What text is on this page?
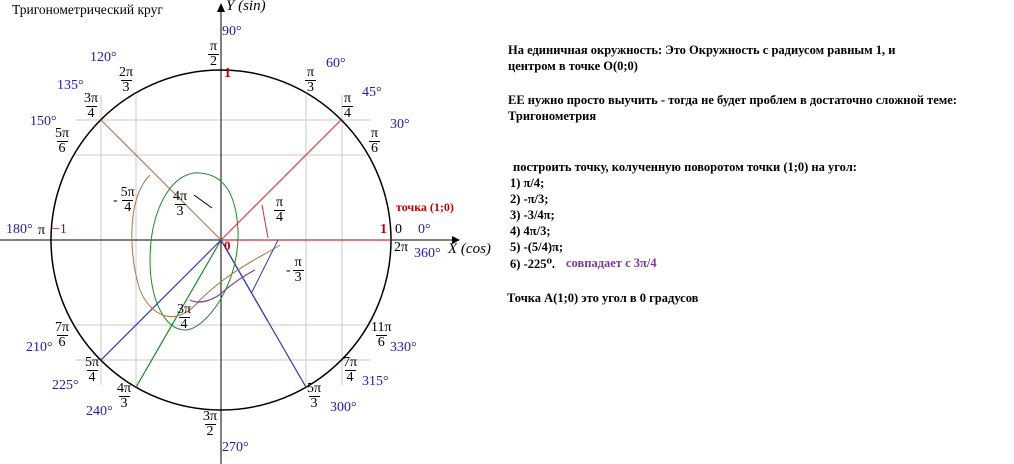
90°
$\frac{\pi}{2}$	60°
$\frac{\pi}{3}$	45°
$\frac{\pi}{4}$
30°
$\frac{\pi}{6}$
0°
360°
120°
$\frac{2\pi}{3}$
135°
$\frac{3\pi}{4}$
150°
$\frac{5\pi}{6}$
180°
$210^\circ \frac{7\pi}{6}$
225°
$\frac{5\pi}{4}$
240°
$\frac{4\pi}{3}$
270°
$\frac{3\pi}{2}$
300°
$\frac{5\pi}{3}$
315°
$\frac{7\pi}{4}$
330°
$\frac{11\pi}{6}$
- $\frac{5\pi}{4}$	$\frac{4\pi}{3}$	$\frac{\pi}{4}$
- $\frac{\pi}{3}$
$\frac{3\pi}{4}$
Тригонометрический круг	Y (sin)
X (cos)
0
1
1 0
2π
π −1
точка (1;0)
На единичная окружность: Это Окружность с радиусом равным 1, и
центром в точке O(0;0)
ЕЕ нужно просто выучить - тогда не будет проблем в достаточно сложной теме:
Тригонометрия
построить точку, колученную поворотом точки (1;0) на угол:
1) π/4;
2) -π/3;
3) -3/4π;
4) 4π/3;
5) -(5/4)π;
6) -225⁰. совпадает с 3π/4
Точка A(1;0) это угол в 0 градусов
